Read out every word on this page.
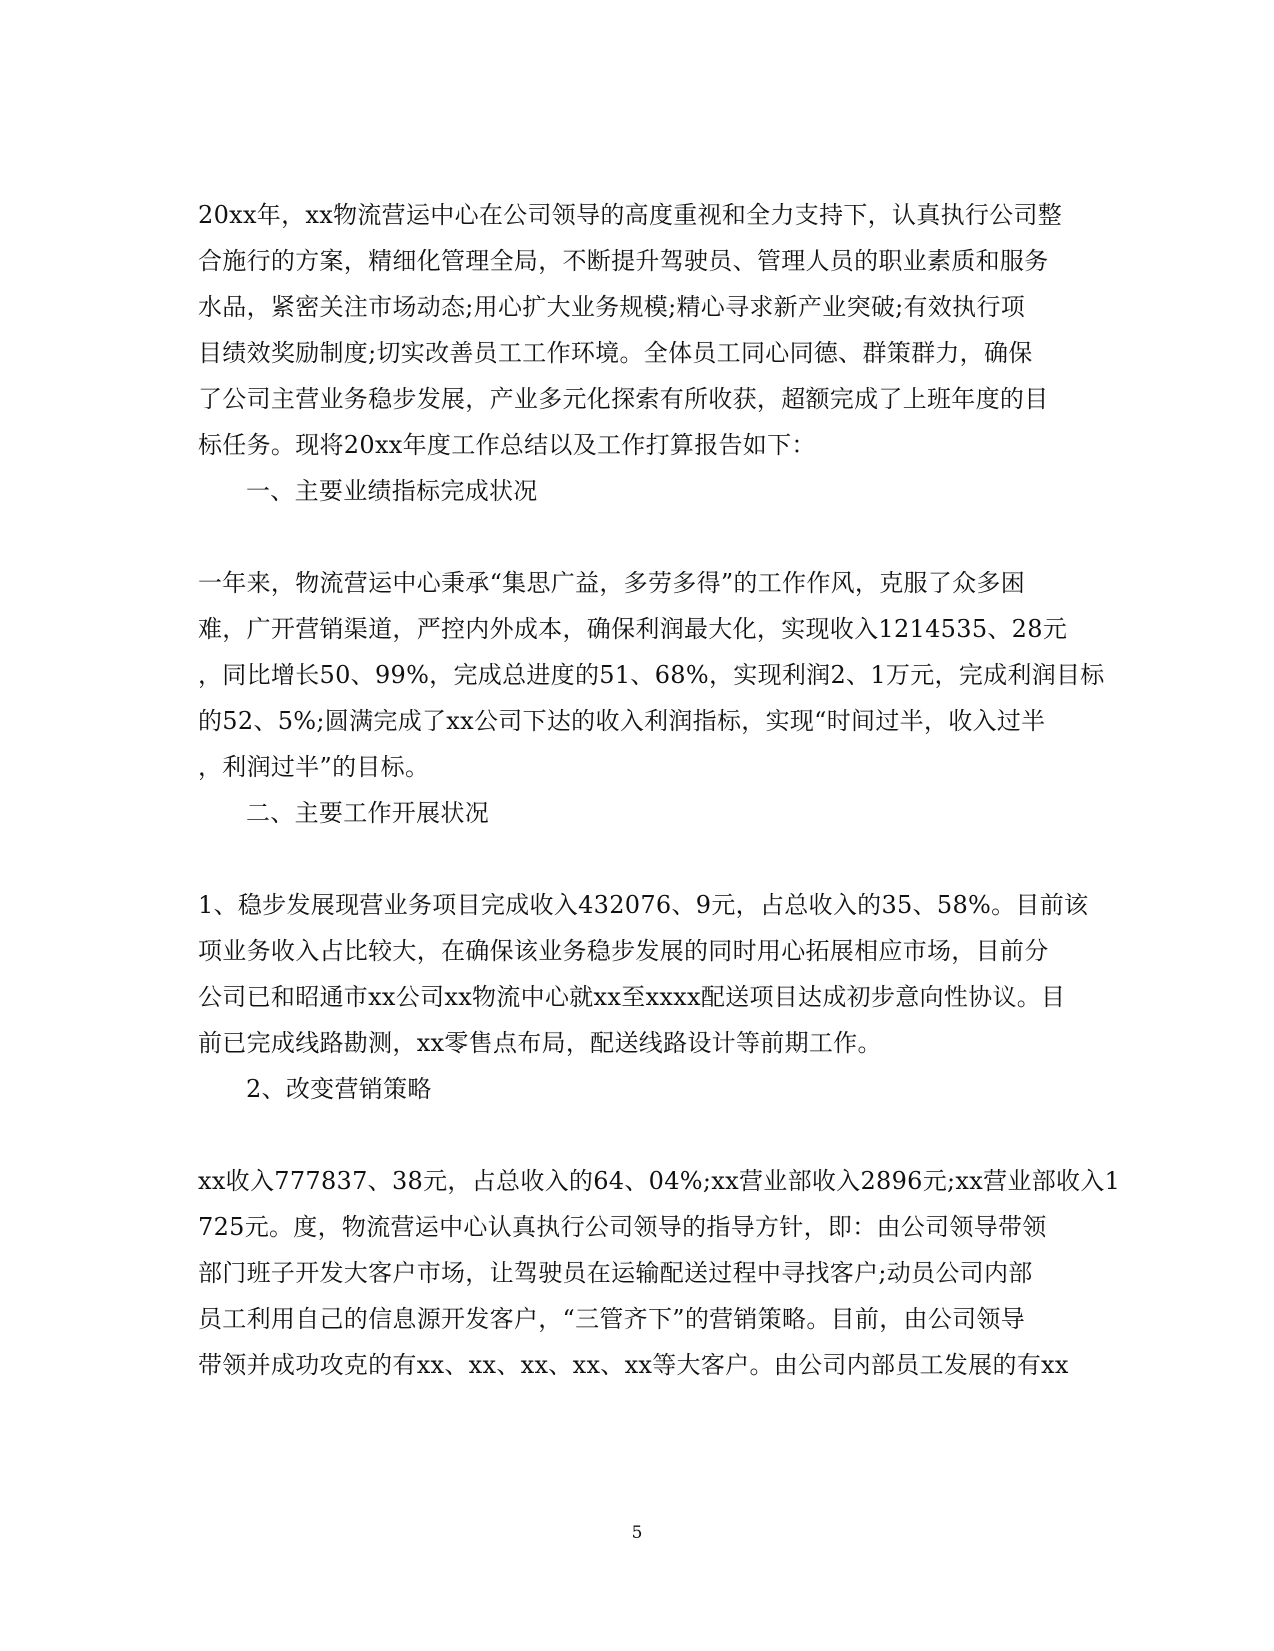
20xx年，xx物流营运中心在公司领导的高度重视和全力支持下，认真执行公司整
合施行的方案，精细化管理全局，不断提升驾驶员、管理人员的职业素质和服务
水品，紧密关注市场动态;用心扩大业务规模;精心寻求新产业突破;有效执行项
目绩效奖励制度;切实改善员工工作环境。全体员工同心同德、群策群力，确保
了公司主营业务稳步发展，产业多元化探索有所收获，超额完成了上班年度的目
标任务。现将20xx年度工作总结以及工作打算报告如下：
一、主要业绩指标完成状况
一年来，物流营运中心秉承“集思广益，多劳多得”的工作作风，克服了众多困
难，广开营销渠道，严控内外成本，确保利润最大化，实现收入1214535、28元
，同比增长50、99%，完成总进度的51、68%，实现利润2、1万元，完成利润目标
的52、5%;圆满完成了xx公司下达的收入利润指标，实现“时间过半，收入过半
，利润过半”的目标。
二、主要工作开展状况
1、稳步发展现营业务项目完成收入432076、9元，占总收入的35、58%。目前该
项业务收入占比较大，在确保该业务稳步发展的同时用心拓展相应市场，目前分
公司已和昭通市xx公司xx物流中心就xx至xxxx配送项目达成初步意向性协议。目
前已完成线路勘测，xx零售点布局，配送线路设计等前期工作。
2、改变营销策略
xx收入777837、38元，占总收入的64、04%;xx营业部收入2896元;xx营业部收入1
725元。度，物流营运中心认真执行公司领导的指导方针，即：由公司领导带领
部门班子开发大客户市场，让驾驶员在运输配送过程中寻找客户;动员公司内部
员工利用自己的信息源开发客户，“三管齐下”的营销策略。目前，由公司领导
带领并成功攻克的有xx、xx、xx、xx、xx等大客户。由公司内部员工发展的有xx
5
